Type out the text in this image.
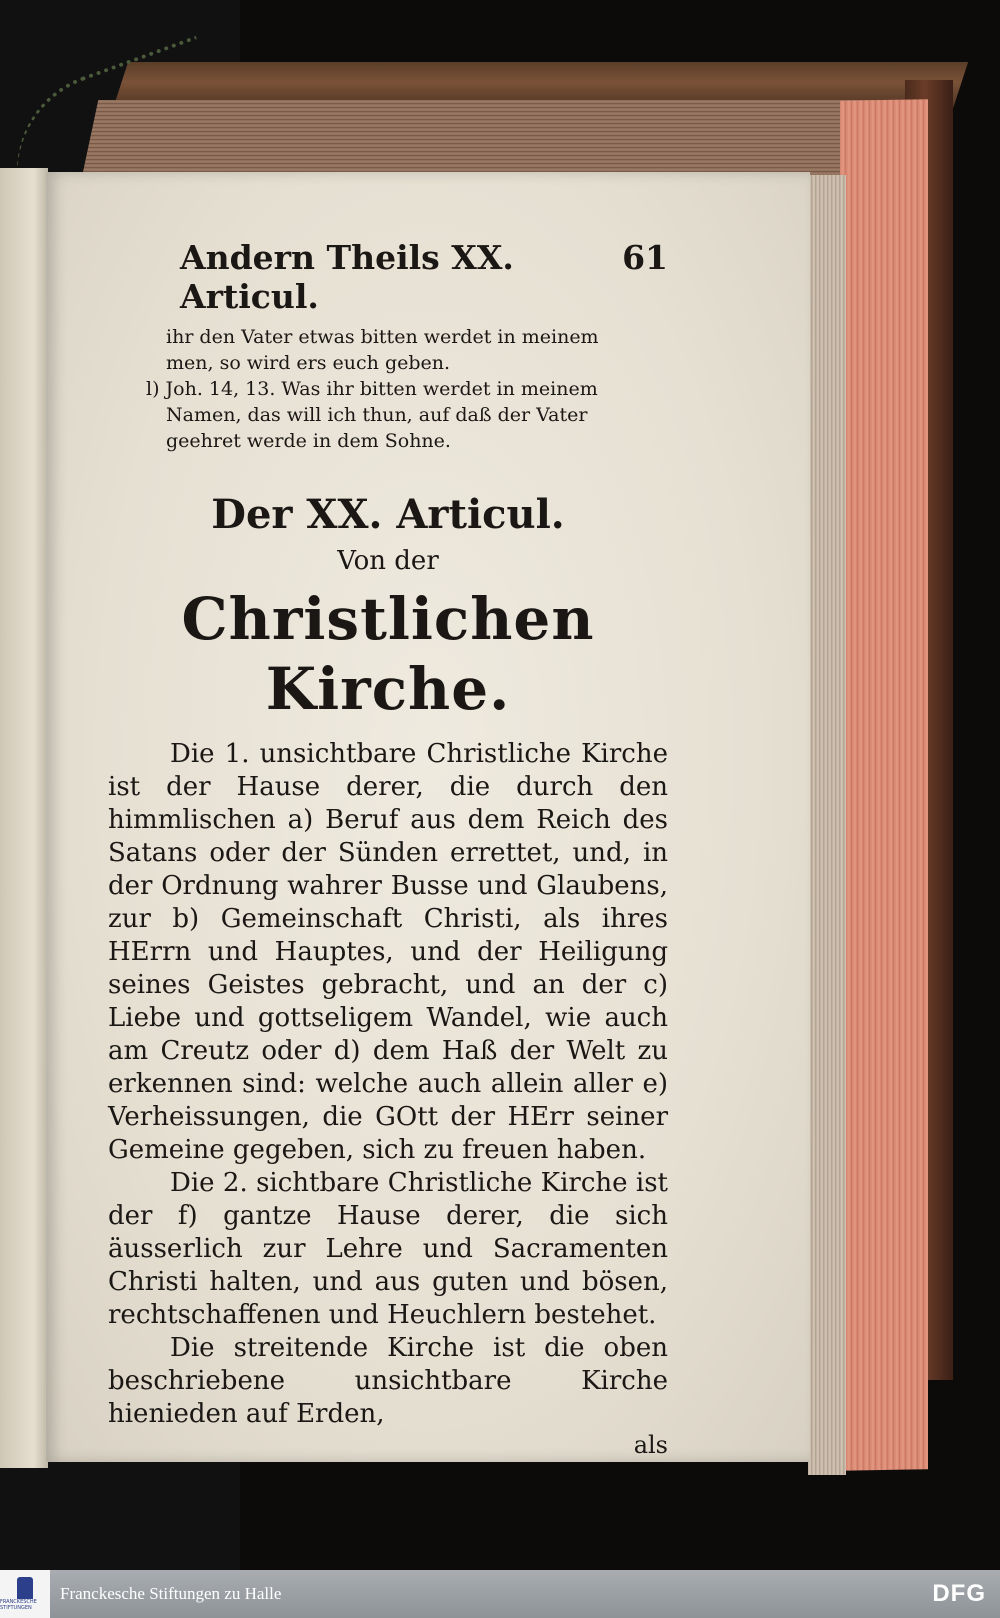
Andern Theils XX. Articul.
61

ihr den Vater etwas bitten werdet in meinem

men, so wird ers euch geben.

l) Joh. 14, 13. Was ihr bitten werdet in meinem

Namen, das will ich thun, auf daß der Vater

geehret werde in dem Sohne.

Der XX. Articul.
Von der
Christlichen Kirche.

Die 1. unsichtbare Christliche Kirche ist der Hause derer, die durch den himmlischen a) Beruf aus dem Reich des Satans oder der Sünden errettet, und, in der Ordnung wahrer Busse und Glaubens, zur b) Gemeinschaft Christi, als ihres HErrn und Hauptes, und der Heiligung seines Geistes gebracht, und an der c) Liebe und gottseligem Wandel, wie auch am Creutz oder d) dem Haß der Welt zu erkennen sind: welche auch allein aller e) Verheissungen, die GOtt der HErr seiner Gemeine gegeben, sich zu freuen haben.

Die 2. sichtbare Christliche Kirche ist der f) gantze Hause derer, die sich äusserlich zur Lehre und Sacramenten Christi halten, und aus guten und bösen, rechtschaffenen und Heuchlern bestehet.

Die streitende Kirche ist die oben beschriebene unsichtbare Kirche hienieden auf Erden,

als
FRANCKESCHE STIFTUNGEN
Franckesche Stiftungen zu Halle	DFG
